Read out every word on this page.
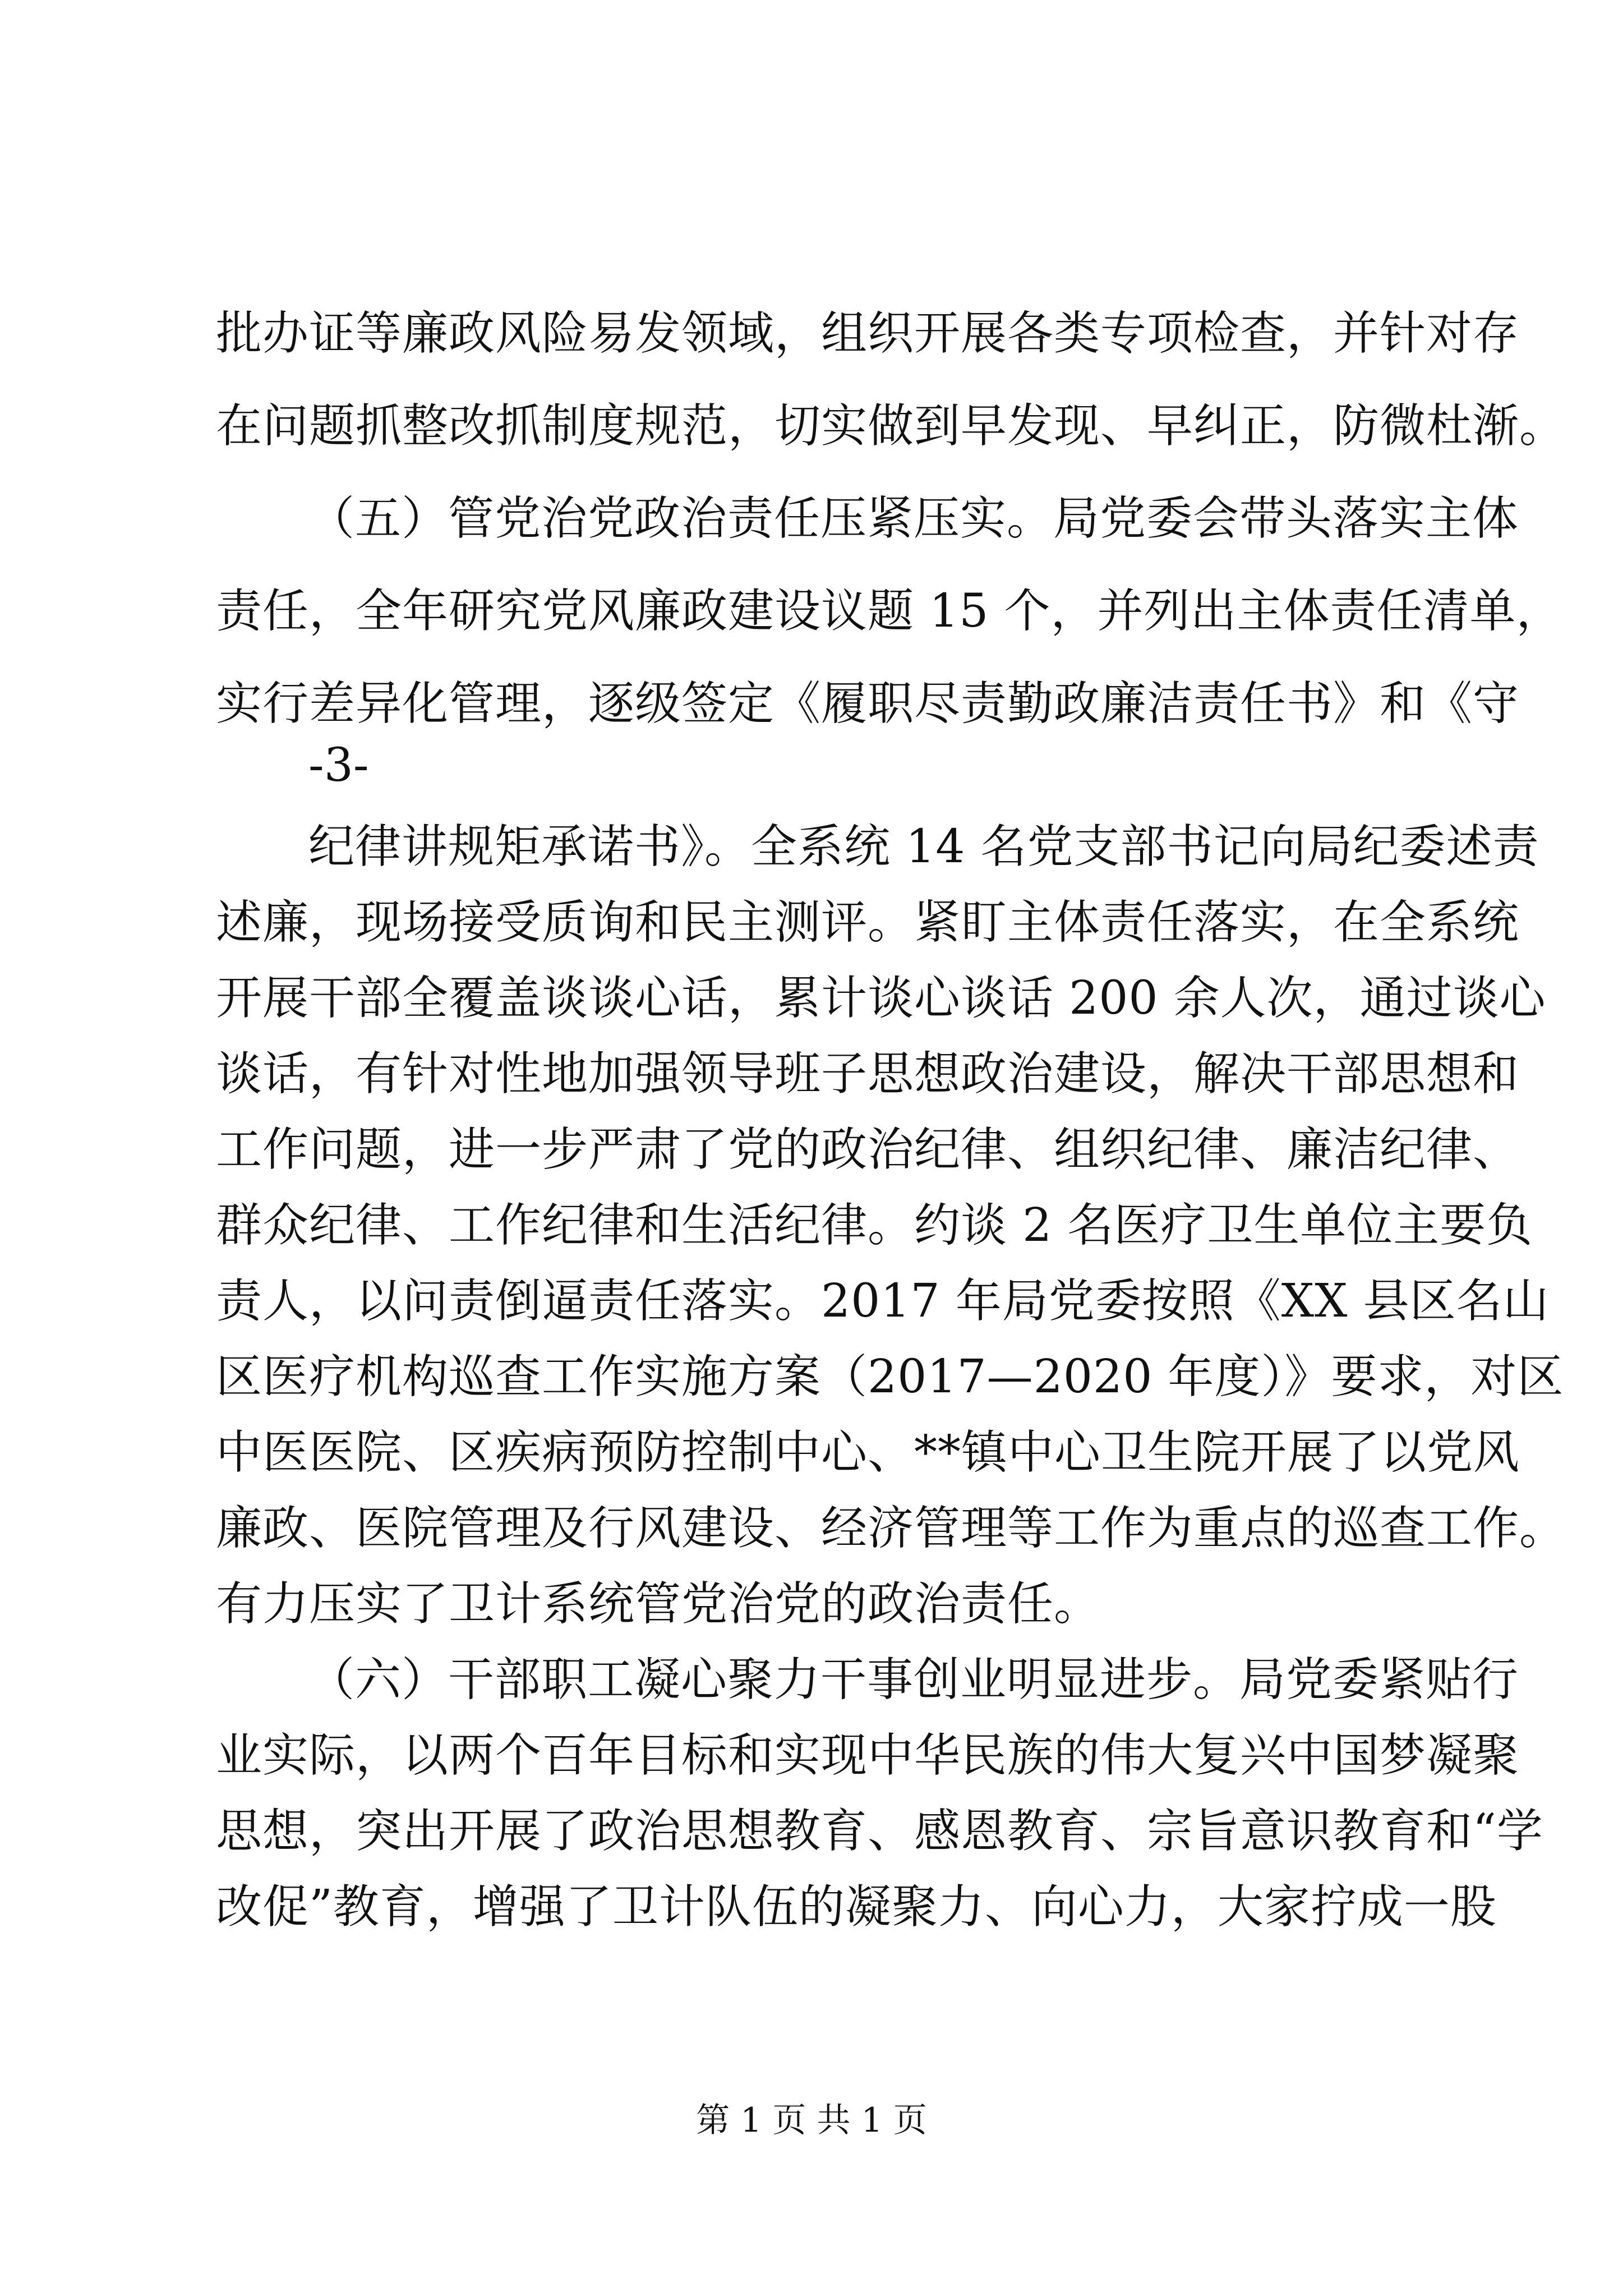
批办证等廉政风险易发领域，组织开展各类专项检查，并针对存
在问题抓整改抓制度规范，切实做到早发现、早纠正，防微杜渐。
（五）管党治党政治责任压紧压实。局党委会带头落实主体
责任，全年研究党风廉政建设议题 15 个，并列出主体责任清单，
实行差异化管理，逐级签定《履职尽责勤政廉洁责任书》和《守
-3-
纪律讲规矩承诺书》。全系统 14 名党支部书记向局纪委述责
述廉，现场接受质询和民主测评。紧盯主体责任落实，在全系统
开展干部全覆盖谈谈心话，累计谈心谈话 200 余人次，通过谈心
谈话，有针对性地加强领导班子思想政治建设，解决干部思想和
工作问题，进一步严肃了党的政治纪律、组织纪律、廉洁纪律、
群众纪律、工作纪律和生活纪律。约谈 2 名医疗卫生单位主要负
责人，以问责倒逼责任落实。2017 年局党委按照《XX 县区名山
区医疗机构巡查工作实施方案（2017—2020 年度）》要求，对区
中医医院、区疾病预防控制中心、**镇中心卫生院开展了以党风
廉政、医院管理及行风建设、经济管理等工作为重点的巡查工作。
有力压实了卫计系统管党治党的政治责任。
（六）干部职工凝心聚力干事创业明显进步。局党委紧贴行
业实际，以两个百年目标和实现中华民族的伟大复兴中国梦凝聚
思想，突出开展了政治思想教育、感恩教育、宗旨意识教育和“学
改促”教育，增强了卫计队伍的凝聚力、向心力，大家拧成一股
第 1 页 共 1 页
